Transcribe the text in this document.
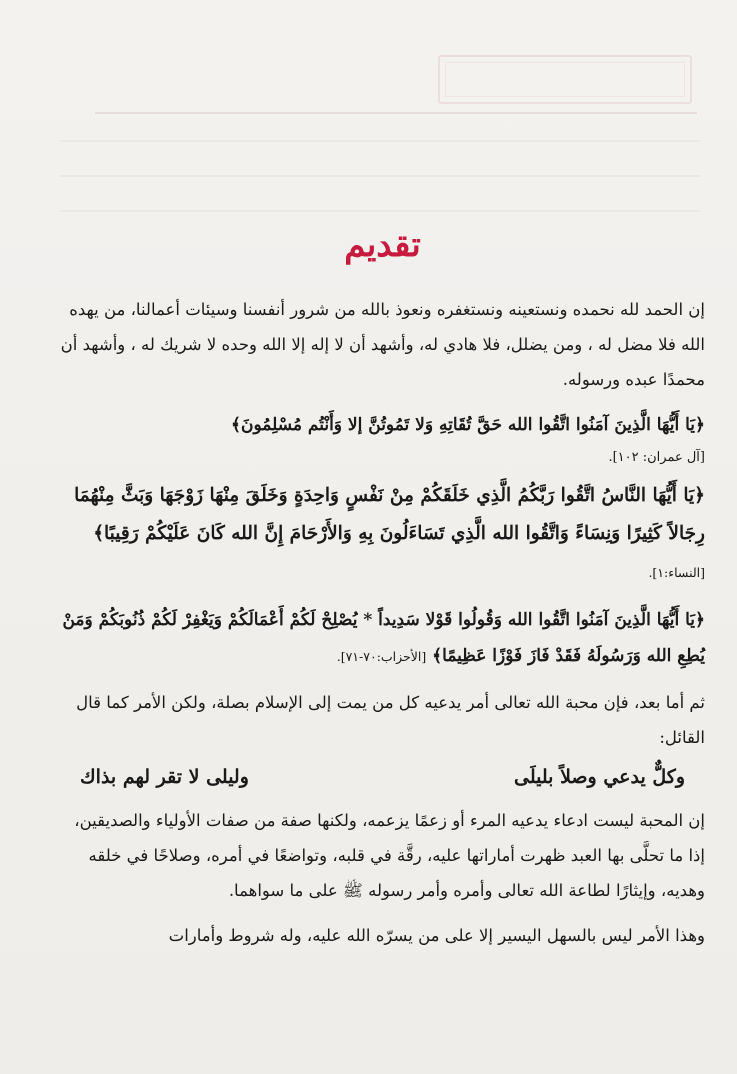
تقديم

إن الحمد لله نحمده ونستعينه ونستغفره ونعوذ بالله من شرور أنفسنا وسيئات أعمالنا، من يهده الله فلا مضل له ، ومن يضلل، فلا هادي له، وأشهد أن لا إله إلا الله وحده لا شريك له ، وأشهد أن محمدًا عبده ورسوله.

﴿يَا أَيُّهَا الَّذِينَ آمَنُوا اتَّقُوا الله حَقَّ تُقَاتِهِ وَلا تَمُوتُنَّ إلا وَأَنْتُم مُسْلِمُونَ﴾

[آل عمران: ١٠٢].

﴿يَا أَيُّهَا النَّاسُ اتَّقُوا رَبَّكُمُ الَّذِي خَلَقَكُمْ مِنْ نَفْسٍ وَاحِدَةٍ وَخَلَقَ مِنْهَا زَوْجَهَا وَبَثَّ مِنْهُمَا رِجَالاً كَثِيرًا وَنِسَاءً وَاتَّقُوا الله الَّذِي تَسَاءَلُونَ بِهِ وَالأَرْحَامَ إِنَّ الله كَانَ عَلَيْكُمْ رَقِيبًا﴾ [النساء:١].

﴿يَا أَيُّهَا الَّذِينَ آمَنُوا اتَّقُوا الله وَقُولُوا قَوْلا سَدِيداً * يُصْلِحْ لَكُمْ أَعْمَالَكُمْ وَيَغْفِرْ لَكُمْ ذُنُوبَكُمْ وَمَنْ يُطِعِ الله وَرَسُولَهُ فَقَدْ فَازَ فَوْزًا عَظِيمًا﴾ [الأحزاب:٧٠-٧١].

ثم أما بعد، فإن محبة الله تعالى أمر يدعيه كل من يمت إلى الإسلام بصلة، ولكن الأمر كما قال القائل:

وكلٌّ يدعي وصلاً بليلَى
وليلى لا تقر لهم بذاك

إن المحبة ليست ادعاء يدعيه المرء أو زعمًا يزعمه، ولكنها صفة من صفات الأولياء والصديقين، إذا ما تحلَّى بها العبد ظهرت أماراتها عليه، رقَّة في قلبه، وتواضعًا في أمره، وصلاحًا في خلقه وهديه، وإيثارًا لطاعة الله تعالى وأمره وأمر رسوله ﷺ على ما سواهما.

وهذا الأمر ليس بالسهل اليسير إلا على من يسرّه الله عليه، وله شروط وأمارات
